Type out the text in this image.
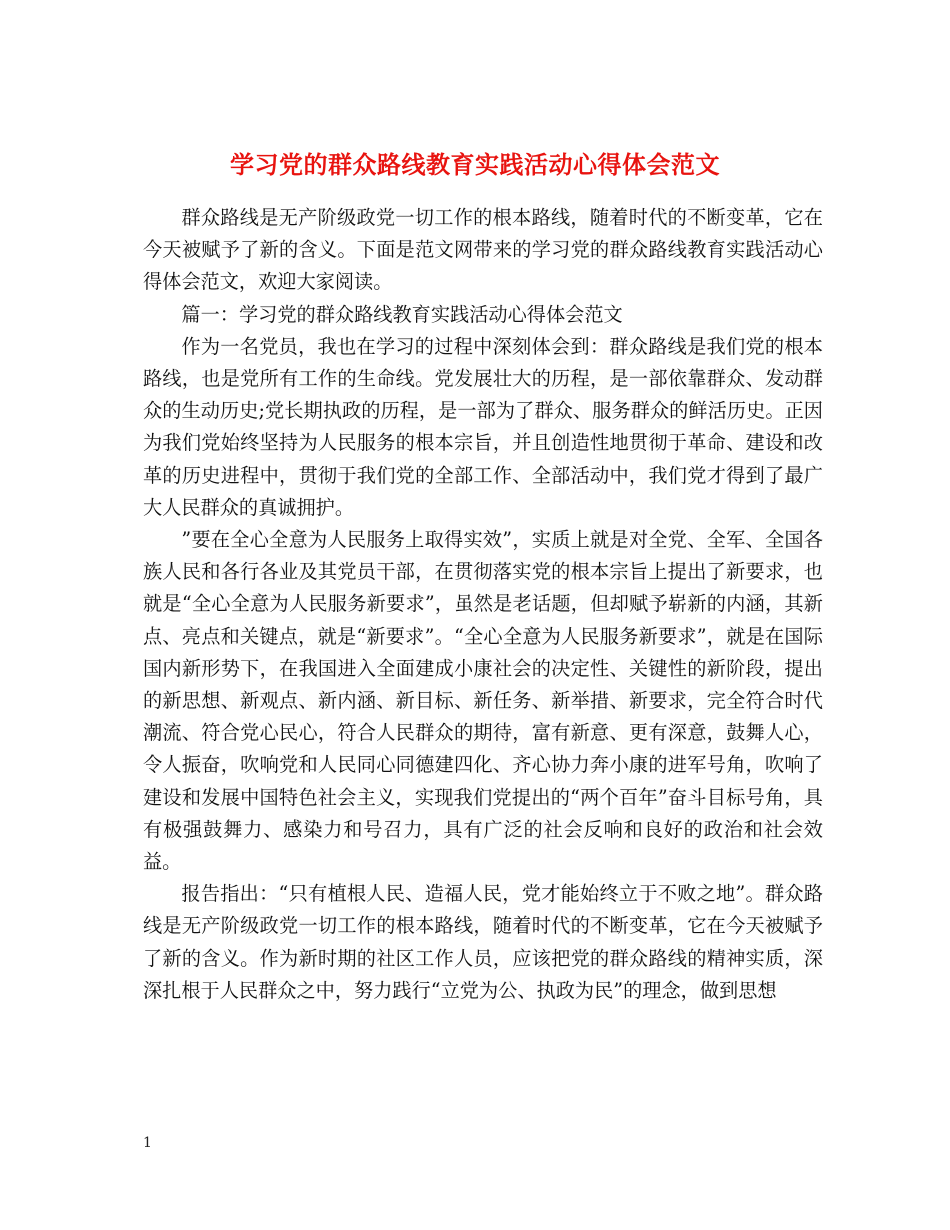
学习党的群众路线教育实践活动心得体会范文

群众路线是无产阶级政党一切工作的根本路线，随着时代的不断变革，它在今天被赋予了新的含义。下面是范文网带来的学习党的群众路线教育实践活动心得体会范文，欢迎大家阅读。

篇一：学习党的群众路线教育实践活动心得体会范文

作为一名党员，我也在学习的过程中深刻体会到：群众路线是我们党的根本路线，也是党所有工作的生命线。党发展壮大的历程，是一部依靠群众、发动群众的生动历史;党长期执政的历程，是一部为了群众、服务群众的鲜活历史。正因为我们党始终坚持为人民服务的根本宗旨，并且创造性地贯彻于革命、建设和改革的历史进程中，贯彻于我们党的全部工作、全部活动中，我们党才得到了最广大人民群众的真诚拥护。

”要在全心全意为人民服务上取得实效”，实质上就是对全党、全军、全国各族人民和各行各业及其党员干部，在贯彻落实党的根本宗旨上提出了新要求，也就是“全心全意为人民服务新要求”，虽然是老话题，但却赋予崭新的内涵，其新点、亮点和关键点，就是“新要求”。“全心全意为人民服务新要求”，就是在国际国内新形势下，在我国进入全面建成小康社会的决定性、关键性的新阶段，提出的新思想、新观点、新内涵、新目标、新任务、新举措、新要求，完全符合时代潮流、符合党心民心，符合人民群众的期待，富有新意、更有深意，鼓舞人心，令人振奋，吹响党和人民同心同德建四化、齐心协力奔小康的进军号角，吹响了建设和发展中国特色社会主义，实现我们党提出的“两个百年”奋斗目标号角，具有极强鼓舞力、感染力和号召力，具有广泛的社会反响和良好的政治和社会效益。

报告指出：“只有植根人民、造福人民，党才能始终立于不败之地”。群众路线是无产阶级政党一切工作的根本路线，随着时代的不断变革，它在今天被赋予了新的含义。作为新时期的社区工作人员，应该把党的群众路线的精神实质，深深扎根于人民群众之中，努力践行“立党为公、执政为民”的理念，做到思想

1
